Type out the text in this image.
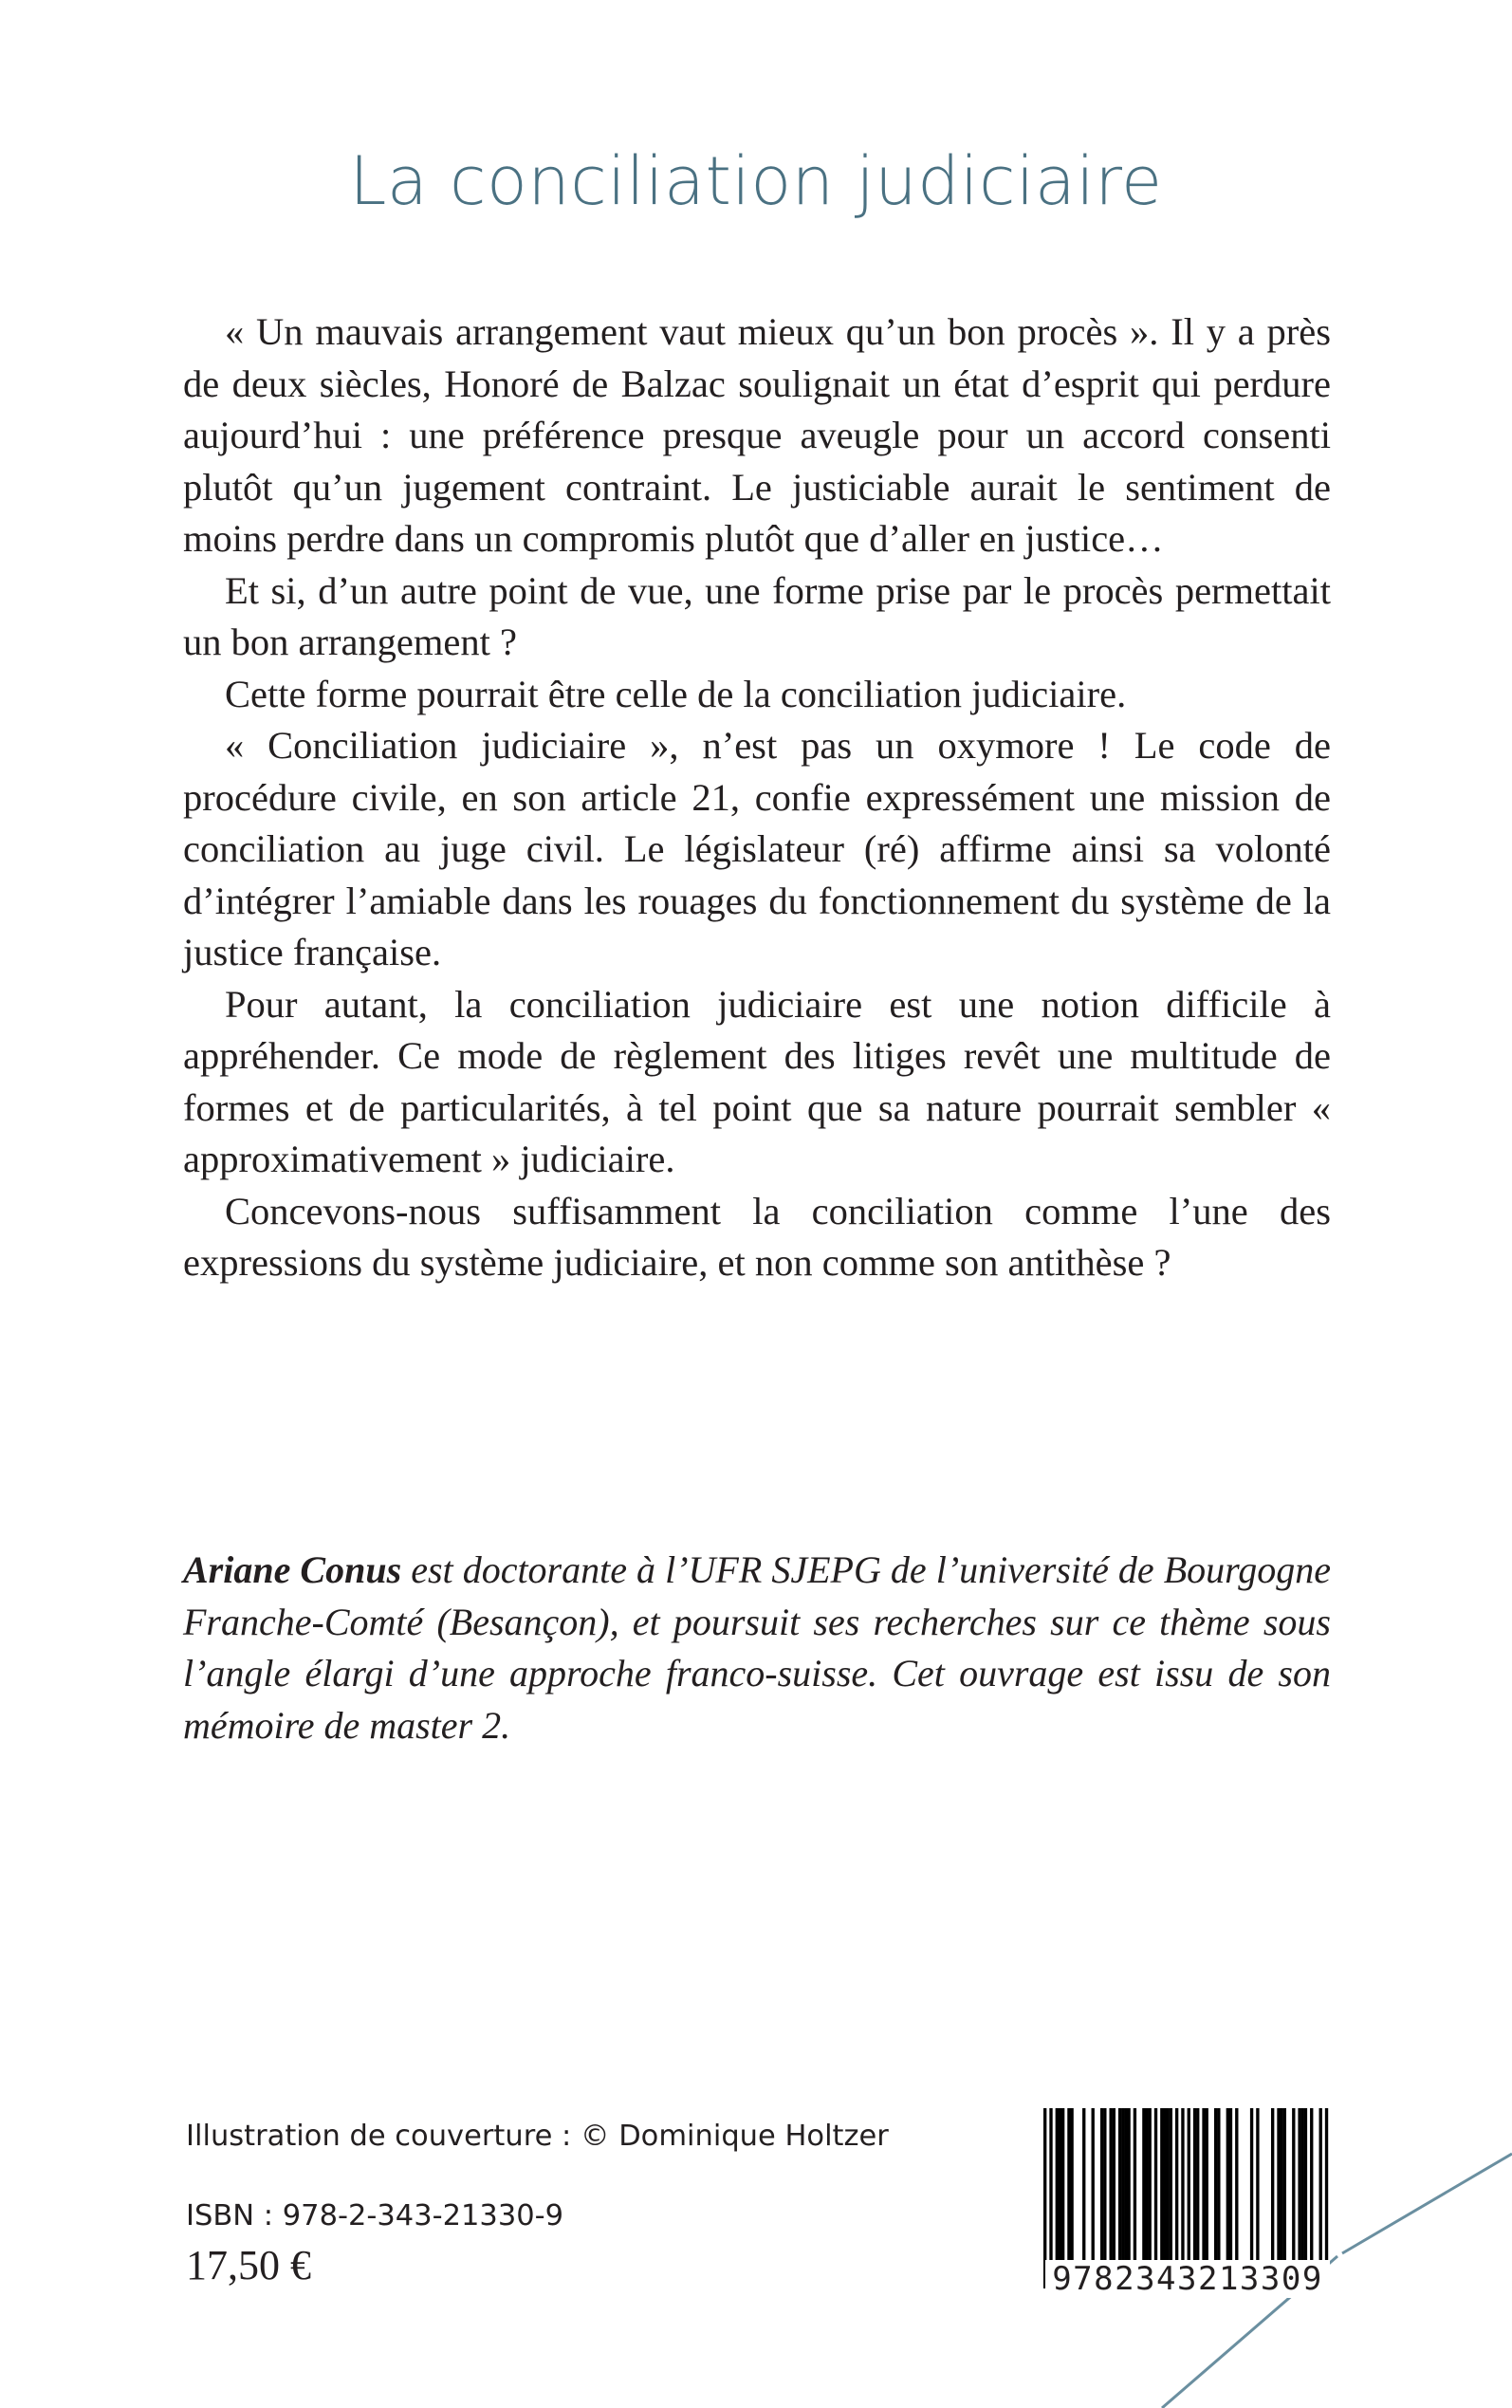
La conciliation judiciaire

« Un mauvais arrangement vaut mieux qu’un bon procès ». Il y a près de deux siècles, Honoré de Balzac soulignait un état d’esprit qui perdure aujourd’hui : une préférence presque aveugle pour un accord consenti plutôt qu’un jugement contraint. Le justiciable aurait le sentiment de moins perdre dans un compromis plutôt que d’aller en justice…

Et si, d’un autre point de vue, une forme prise par le procès permettait un bon arrangement ?

Cette forme pourrait être celle de la conciliation judiciaire.

« Conciliation judiciaire », n’est pas un oxymore ! Le code de procédure civile, en son article 21, confie expressément une mission de conciliation au juge civil. Le législateur (ré) affirme ainsi sa volonté d’intégrer l’amiable dans les rouages du fonctionnement du système de la justice française.

Pour autant, la conciliation judiciaire est une notion difficile à appréhender. Ce mode de règlement des litiges revêt une multitude de formes et de particularités, à tel point que sa nature pourrait sembler « approximativement » judiciaire.

Concevons-nous suffisamment la conciliation comme l’une des expressions du système judiciaire, et non comme son antithèse ?

Ariane Conus est doctorante à l’UFR SJEPG de l’université de Bourgogne Franche-Comté (Besançon), et poursuit ses recherches sur ce thème sous l’angle élargi d’une approche franco-suisse. Cet ouvrage est issu de son mémoire de master 2.
Illustration de couverture : © Dominique Holtzer
ISBN : 978-2-343-21330-9
17,50 €	9782343213309
